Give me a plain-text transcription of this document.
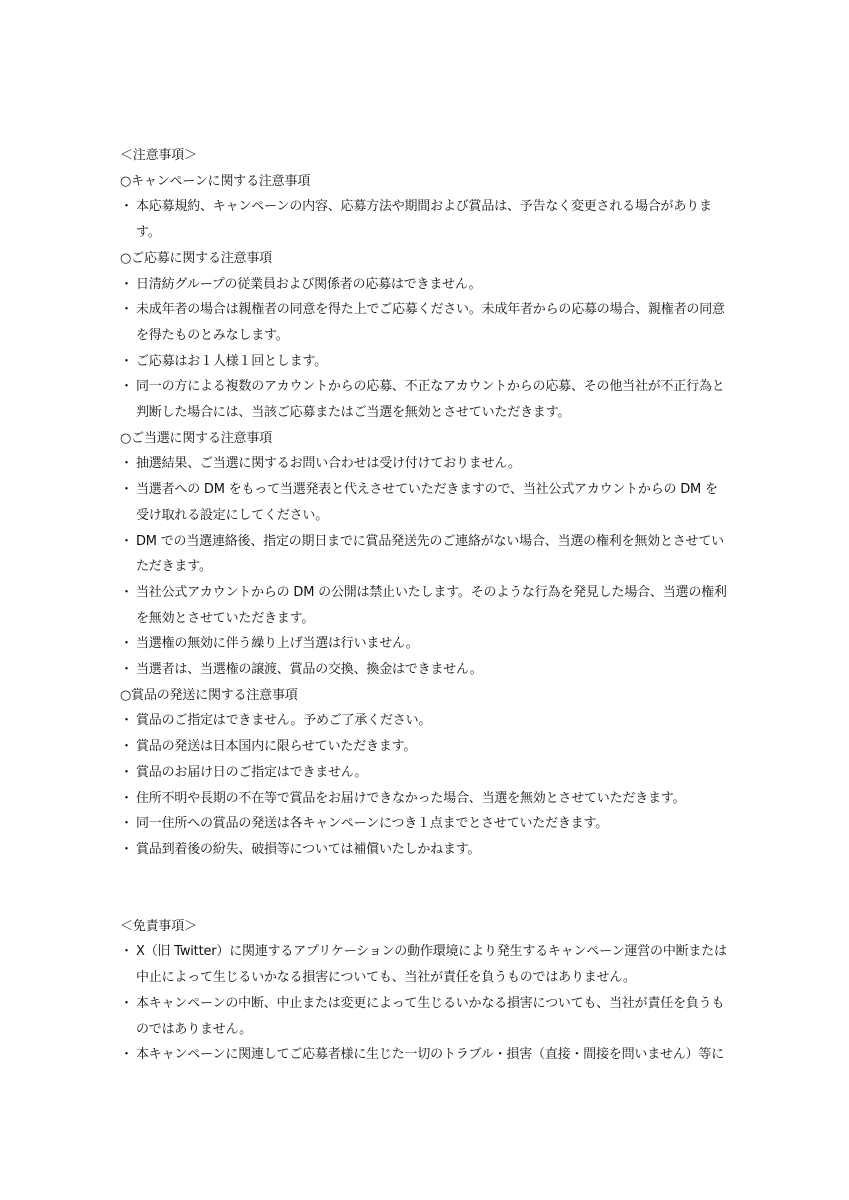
＜注意事項＞
○キャンペーンに関する注意事項
・ 本応募規約、キャンペーンの内容、応募方法や期間および賞品は、予告なく変更される場合があります。
○ご応募に関する注意事項
・ 日清紡グループの従業員および関係者の応募はできません。
・ 未成年者の場合は親権者の同意を得た上でご応募ください。未成年者からの応募の場合、親権者の同意を得たものとみなします。
・ ご応募はお１人様１回とします。
・ 同一の方による複数のアカウントからの応募、不正なアカウントからの応募、その他当社が不正行為と判断した場合には、当該ご応募またはご当選を無効とさせていただきます。
○ご当選に関する注意事項
・ 抽選結果、ご当選に関するお問い合わせは受け付けておりません。
・ 当選者への DM をもって当選発表と代えさせていただきますので、当社公式アカウントからの DM を受け取れる設定にしてください。
・ DM での当選連絡後、指定の期日までに賞品発送先のご連絡がない場合、当選の権利を無効とさせていただきます。
・ 当社公式アカウントからの DM の公開は禁止いたします。そのような行為を発見した場合、当選の権利を無効とさせていただきます。
・ 当選権の無効に伴う繰り上げ当選は行いません。
・ 当選者は、当選権の譲渡、賞品の交換、換金はできません。
○賞品の発送に関する注意事項
・ 賞品のご指定はできません。予めご了承ください。
・ 賞品の発送は日本国内に限らせていただきます。
・ 賞品のお届け日のご指定はできません。
・ 住所不明や長期の不在等で賞品をお届けできなかった場合、当選を無効とさせていただきます。
・ 同一住所への賞品の発送は各キャンペーンにつき１点までとさせていただきます。
・ 賞品到着後の紛失、破損等については補償いたしかねます。
＜免責事項＞
・ X（旧 Twitter）に関連するアプリケーションの動作環境により発生するキャンペーン運営の中断または中止によって生じるいかなる損害についても、当社が責任を負うものではありません。
・ 本キャンペーンの中断、中止または変更によって生じるいかなる損害についても、当社が責任を負うものではありません。
・ 本キャンペーンに関連してご応募者様に生じた一切のトラブル・損害（直接・間接を問いません）等に
